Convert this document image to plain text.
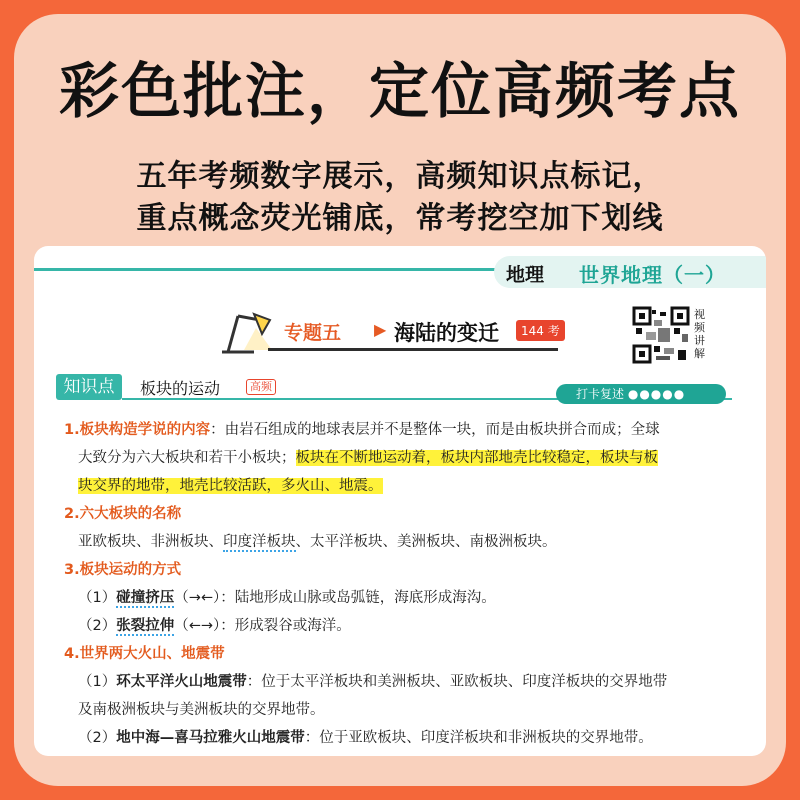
彩色批注，定位高频考点
五年考频数字展示，高频知识点标记，
重点概念荧光铺底，常考挖空加下划线
地理 世界地理（一）
专题五 ▶ 海陆的变迁	144 考
视频讲解
知识点	板块的运动	高频
打卡复述 ●●●●●

1.板块构造学说的内容：由岩石组成的地球表层并不是整体一块，而是由板块拼合而成；全球

大致分为六大板块和若干小板块；板块在不断地运动着，板块内部地壳比较稳定，板块与板

块交界的地带，地壳比较活跃，多火山、地震。

2.六大板块的名称

亚欧板块、非洲板块、印度洋板块、太平洋板块、美洲板块、南极洲板块。

3.板块运动的方式

（1）碰撞挤压（→←）：陆地形成山脉或岛弧链，海底形成海沟。

（2）张裂拉伸（←→）：形成裂谷或海洋。

4.世界两大火山、地震带

（1）环太平洋火山地震带：位于太平洋板块和美洲板块、亚欧板块、印度洋板块的交界地带

及南极洲板块与美洲板块的交界地带。

（2）地中海—喜马拉雅火山地震带：位于亚欧板块、印度洋板块和非洲板块的交界地带。
